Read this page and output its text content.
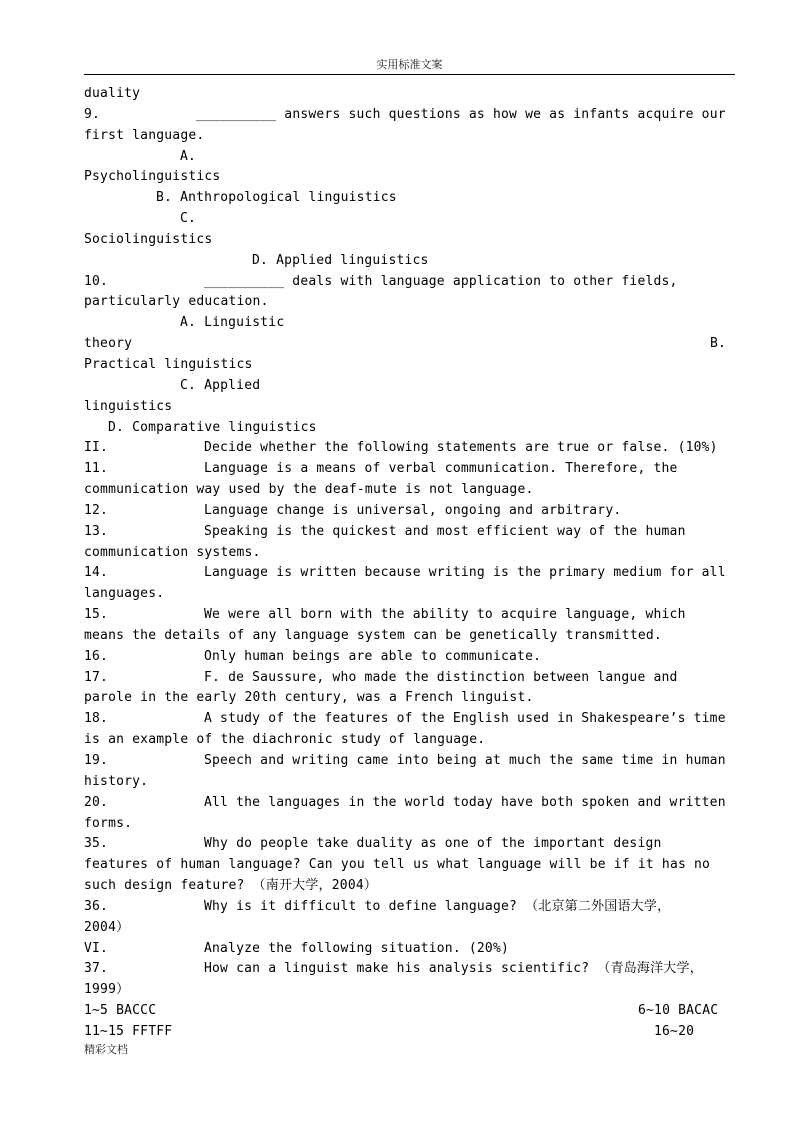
实用标准文案
duality
9.	__________ answers such questions as how we as infants acquire our
first language.
A.
Psycholinguistics
B. Anthropological linguistics
C.
Sociolinguistics
D. Applied linguistics
10.	__________ deals with language application to other fields,
particularly education.
A. Linguistic
theory	B.
Practical linguistics
C. Applied
linguistics
D. Comparative linguistics
II.	Decide whether the following statements are true or false. (10%)
11.	Language is a means of verbal communication. Therefore, the
communication way used by the deaf-mute is not language.
12.	Language change is universal, ongoing and arbitrary.
13.	Speaking is the quickest and most efficient way of the human
communication systems.
14.	Language is written because writing is the primary medium for all
languages.
15.	We were all born with the ability to acquire language, which
means the details of any language system can be genetically transmitted.
16.	Only human beings are able to communicate.
17.	F. de Saussure, who made the distinction between langue and
parole in the early 20th century, was a French linguist.
18.	A study of the features of the English used in Shakespeare’s time
is an example of the diachronic study of language.
19.	Speech and writing came into being at much the same time in human
history.
20.	All the languages in the world today have both spoken and written
forms.
35.	Why do people take duality as one of the important design
features of human language? Can you tell us what language will be if it has no
such design feature? （南开大学，2004）
36.	Why is it difficult to define language? （北京第二外国语大学，
2004）
VI.	Analyze the following situation. (20%)
37.	How can a linguist make his analysis scientific? （青岛海洋大学，
1999）
1~5 BACCC	6~10 BACAC
11~15 FFTFF	16~20
精彩文档
